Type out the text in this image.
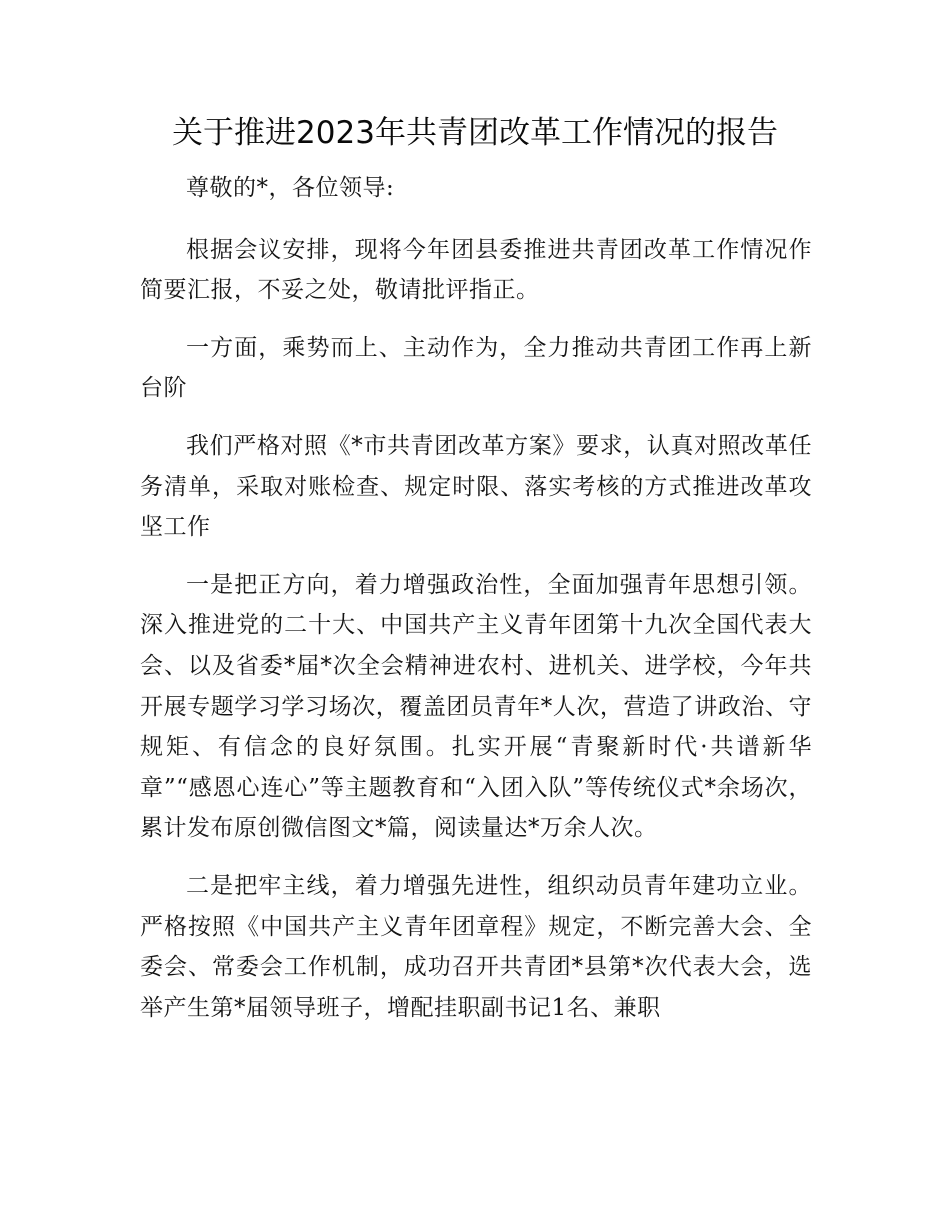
关于推进2023年共青团改革工作情况的报告

尊敬的*，各位领导:

根据会议安排，现将今年团县委推进共青团改革工作情况作简要汇报，不妥之处，敬请批评指正。

一方面，乘势而上、主动作为，全力推动共青团工作再上新台阶

我们严格对照《*市共青团改革方案》要求，认真对照改革任务清单，采取对账检查、规定时限、落实考核的方式推进改革攻坚工作

一是把正方向，着力增强政治性，全面加强青年思想引领。深入推进党的二十大、中国共产主义青年团第十九次全国代表大会、以及省委*届*次全会精神进农村、进机关、进学校，今年共开展专题学习学习场次，覆盖团员青年*人次，营造了讲政治、守规矩、有信念的良好氛围。扎实开展“青聚新时代·共谱新华章”“感恩心连心”等主题教育和“入团入队”等传统仪式*余场次，累计发布原创微信图文*篇，阅读量达*万余人次。

二是把牢主线，着力增强先进性，组织动员青年建功立业。严格按照《中国共产主义青年团章程》规定，不断完善大会、全委会、常委会工作机制，成功召开共青团*县第*次代表大会，选举产生第*届领导班子，增配挂职副书记1名、兼职
